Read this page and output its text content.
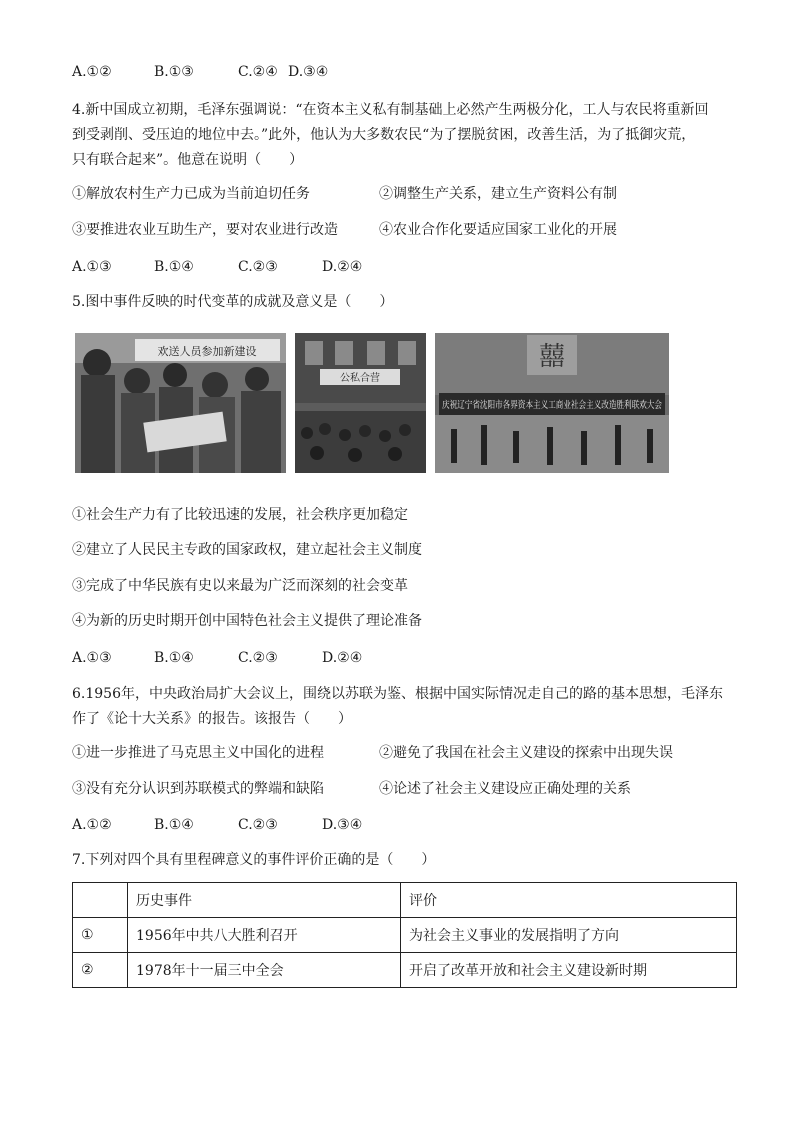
A.①②	B.①③	C.②④ D.③④
4.新中国成立初期，毛泽东强调说：“在资本主义私有制基础上必然产生两极分化，工人与农民将重新回
到受剥削、受压迫的地位中去。”此外，他认为大多数农民“为了摆脱贫困，改善生活，为了抵御灾荒，
只有联合起来”。他意在说明（　　）
①解放农村生产力已成为当前迫切任务	②调整生产关系，建立生产资料公有制
③要推进农业互助生产，要对农业进行改造	④农业合作化要适应国家工业化的开展
A.①③	B.①④	C.②③	D.②④
5.图中事件反映的时代变革的成就及意义是（　　）
欢送人员参加新建设
公私合营
囍
庆祝辽宁省沈阳市各界资本主义工商业社会主义改造胜利联欢大会
①社会生产力有了比较迅速的发展，社会秩序更加稳定
②建立了人民民主专政的国家政权，建立起社会主义制度
③完成了中华民族有史以来最为广泛而深刻的社会变革
④为新的历史时期开创中国特色社会主义提供了理论准备
A.①③	B.①④	C.②③	D.②④
6.1956年，中央政治局扩大会议上，围绕以苏联为鉴、根据中国实际情况走自己的路的基本思想，毛泽东
作了《论十大关系》的报告。该报告（　　）
①进一步推进了马克思主义中国化的进程	②避免了我国在社会主义建设的探索中出现失误
③没有充分认识到苏联模式的弊端和缺陷	④论述了社会主义建设应正确处理的关系
A.①②	B.①④	C.②③	D.③④
7.下列对四个具有里程碑意义的事件评价正确的是（　　）
	历史事件	评价
①	1956年中共八大胜利召开	为社会主义事业的发展指明了方向
②	1978年十一届三中全会	开启了改革开放和社会主义建设新时期
